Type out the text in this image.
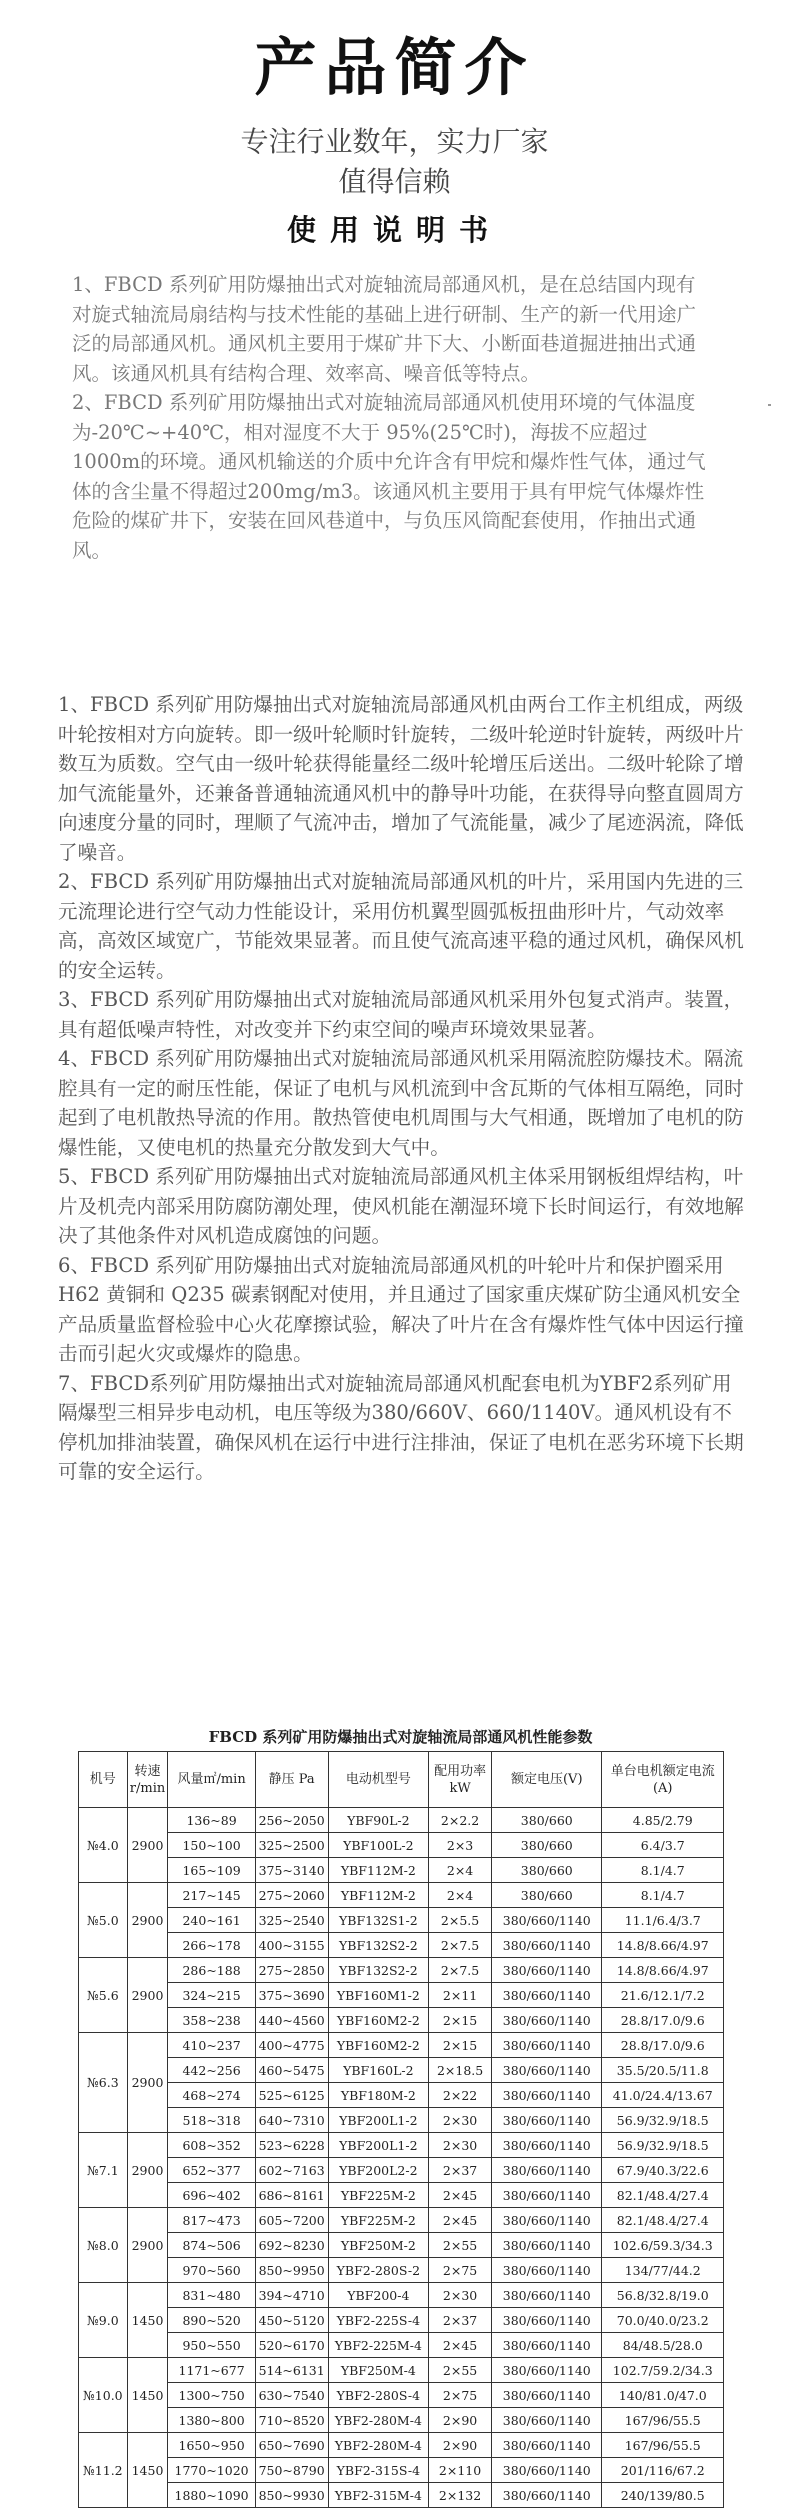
产品简介
专注行业数年，实力厂家
值得信赖
使用说明书

1、FBCD 系列矿用防爆抽出式对旋轴流局部通风机，是在总结国内现有对旋式轴流局扇结构与技术性能的基础上进行研制、生产的新一代用途广泛的局部通风机。通风机主要用于煤矿井下大、小断面巷道掘进抽出式通风。该通风机具有结构合理、效率高、噪音低等特点。

2、FBCD 系列矿用防爆抽出式对旋轴流局部通风机使用环境的气体温度为-20℃~+40℃，相对湿度不大于 95%(25℃时)，海拔不应超过1000m的环境。通风机输送的介质中允许含有甲烷和爆炸性气体，通过气体的含尘量不得超过200mg/m3。该通风机主要用于具有甲烷气体爆炸性危险的煤矿井下，安装在回风巷道中，与负压风筒配套使用，作抽出式通风。

1、FBCD 系列矿用防爆抽出式对旋轴流局部通风机由两台工作主机组成，两级叶轮按相对方向旋转。即一级叶轮顺时针旋转，二级叶轮逆时针旋转，两级叶片数互为质数。空气由一级叶轮获得能量经二级叶轮增压后送出。二级叶轮除了增加气流能量外，还兼备普通轴流通风机中的静导叶功能，在获得导向整直圆周方向速度分量的同时，理顺了气流冲击，增加了气流能量，减少了尾迹涡流，降低了噪音。

2、FBCD 系列矿用防爆抽出式对旋轴流局部通风机的叶片，采用国内先进的三元流理论进行空气动力性能设计，采用仿机翼型圆弧板扭曲形叶片，气动效率高，高效区域宽广，节能效果显著。而且使气流高速平稳的通过风机，确保风机的安全运转。

3、FBCD 系列矿用防爆抽出式对旋轴流局部通风机采用外包复式消声。装置，具有超低噪声特性，对改变并下约束空间的噪声环境效果显著。

4、FBCD 系列矿用防爆抽出式对旋轴流局部通风机采用隔流腔防爆技术。隔流腔具有一定的耐压性能，保证了电机与风机流到中含瓦斯的气体相互隔绝，同时起到了电机散热导流的作用。散热管使电机周围与大气相通，既增加了电机的防爆性能，又使电机的热量充分散发到大气中。

5、FBCD 系列矿用防爆抽出式对旋轴流局部通风机主体采用钢板组焊结构，叶片及机壳内部采用防腐防潮处理，使风机能在潮湿环境下长时间运行，有效地解决了其他条件对风机造成腐蚀的问题。

6、FBCD 系列矿用防爆抽出式对旋轴流局部通风机的叶轮叶片和保护圈采用 H62 黄铜和 Q235 碳素钢配对使用，并且通过了国家重庆煤矿防尘通风机安全产品质量监督检验中心火花摩擦试验，解决了叶片在含有爆炸性气体中因运行撞击而引起火灾或爆炸的隐患。

7、FBCD系列矿用防爆抽出式对旋轴流局部通风机配套电机为YBF2系列矿用隔爆型三相异步电动机，电压等级为380/660V、660/1140V。通风机设有不停机加排油装置，确保风机在运行中进行注排油，保证了电机在恶劣环境下长期可靠的安全运行。

FBCD 系列矿用防爆抽出式对旋轴流局部通风机性能参数
机号	转速 r/min	风量㎡/min	静压 Pa	电动机型号	配用功率 kW	额定电压(V)	单台电机额定电流(A)
№4.0	2900	136~89	256~2050	YBF90L-2	2×2.2	380/660	4.85/2.79
		150~100	325~2500	YBF100L-2	2×3	380/660	6.4/3.7
		165~109	375~3140	YBF112M-2	2×4	380/660	8.1/4.7
№5.0	2900	217~145	275~2060	YBF112M-2	2×4	380/660	8.1/4.7
		240~161	325~2540	YBF132S1-2	2×5.5	380/660/1140	11.1/6.4/3.7
		266~178	400~3155	YBF132S2-2	2×7.5	380/660/1140	14.8/8.66/4.97
№5.6	2900	286~188	275~2850	YBF132S2-2	2×7.5	380/660/1140	14.8/8.66/4.97
		324~215	375~3690	YBF160M1-2	2×11	380/660/1140	21.6/12.1/7.2
		358~238	440~4560	YBF160M2-2	2×15	380/660/1140	28.8/17.0/9.6
№6.3	2900	410~237	400~4775	YBF160M2-2	2×15	380/660/1140	28.8/17.0/9.6
		442~256	460~5475	YBF160L-2	2×18.5	380/660/1140	35.5/20.5/11.8
		468~274	525~6125	YBF180M-2	2×22	380/660/1140	41.0/24.4/13.67
		518~318	640~7310	YBF200L1-2	2×30	380/660/1140	56.9/32.9/18.5
№7.1	2900	608~352	523~6228	YBF200L1-2	2×30	380/660/1140	56.9/32.9/18.5
		652~377	602~7163	YBF200L2-2	2×37	380/660/1140	67.9/40.3/22.6
		696~402	686~8161	YBF225M-2	2×45	380/660/1140	82.1/48.4/27.4
№8.0	2900	817~473	605~7200	YBF225M-2	2×45	380/660/1140	82.1/48.4/27.4
		874~506	692~8230	YBF250M-2	2×55	380/660/1140	102.6/59.3/34.3
		970~560	850~9950	YBF2-280S-2	2×75	380/660/1140	134/77/44.2
№9.0	1450	831~480	394~4710	YBF200-4	2×30	380/660/1140	56.8/32.8/19.0
		890~520	450~5120	YBF2-225S-4	2×37	380/660/1140	70.0/40.0/23.2
		950~550	520~6170	YBF2-225M-4	2×45	380/660/1140	84/48.5/28.0
№10.0	1450	1171~677	514~6131	YBF250M-4	2×55	380/660/1140	102.7/59.2/34.3
		1300~750	630~7540	YBF2-280S-4	2×75	380/660/1140	140/81.0/47.0
		1380~800	710~8520	YBF2-280M-4	2×90	380/660/1140	167/96/55.5
№11.2	1450	1650~950	650~7690	YBF2-280M-4	2×90	380/660/1140	167/96/55.5
		1770~1020	750~8790	YBF2-315S-4	2×110	380/660/1140	201/116/67.2
		1880~1090	850~9930	YBF2-315M-4	2×132	380/660/1140	240/139/80.5
